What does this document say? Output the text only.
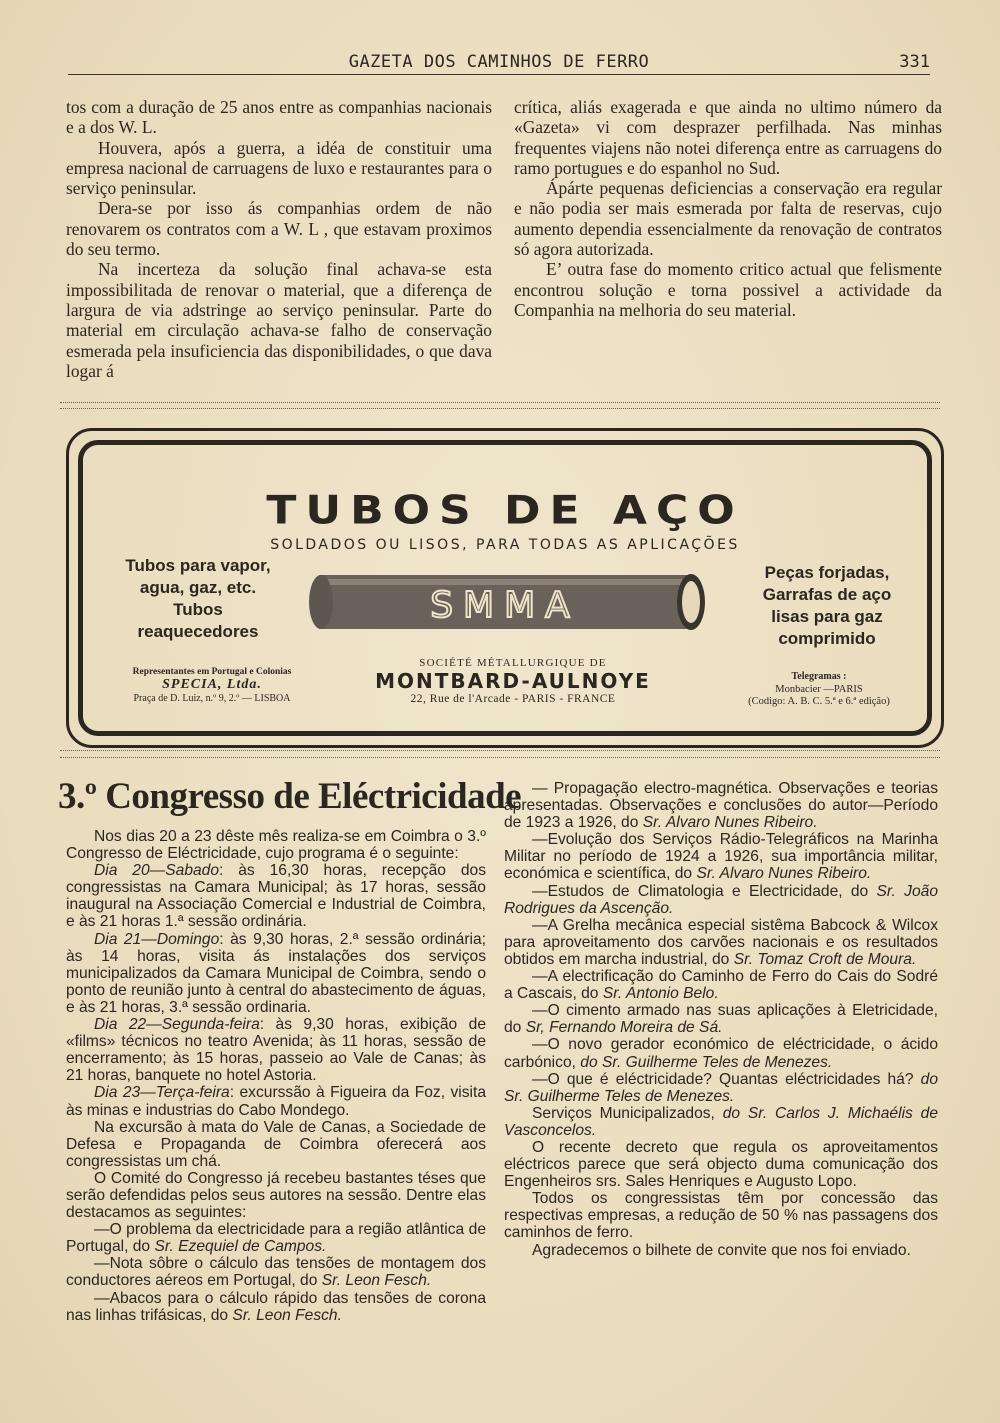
GAZETA DOS CAMINHOS DE FERRO	331

tos com a duração de 25 anos entre as companhias nacionais e a dos W. L.

Houvera, após a guerra, a idéa de constituir uma empresa nacional de carruagens de luxo e restaurantes para o serviço peninsular.

Dera-se por isso ás companhias ordem de não renovarem os contratos com a W. L , que estavam proximos do seu termo.

Na incerteza da solução final achava-se esta impossibilitada de renovar o material, que a diferença de largura de via adstringe ao serviço peninsular. Parte do material em circulação achava-se falho de conservação esmerada pela insuficiencia das disponibilidades, o que dava logar á

crítica, aliás exagerada e que ainda no ultimo número da «Gazeta» vi com desprazer perfilhada. Nas minhas frequentes viajens não notei diferença entre as carruagens do ramo portugues e do espanhol no Sud.

Ápárte pequenas deficiencias a conservação era regular e não podia ser mais esmerada por falta de reservas, cujo aumento dependia essencialmente da renovação de contratos só agora autorizada.

E’ outra fase do momento critico actual que felismente encontrou solução e torna possivel a actividade da Companhia na melhoria do seu material.

TUBOS DE AÇO
SOLDADOS OU LISOS, PARA TODAS AS APLICAÇÕES
Tubos para vapor,
agua, gaz, etc.
Tubos
reaquecedores
SMMA
Peças forjadas,
Garrafas de aço
lisas para gaz
comprimido
Representantes em Portugal e Colonias
SPECIA, Ltda.
Praça de D. Luiz, n.º 9, 2.º — LISBOA
SOCIÉTÉ MÉTALLURGIQUE DE
MONTBARD-AULNOYE
22, Rue de l'Arcade - PARIS - FRANCE
Telegramas :
Monbacier —PARIS
(Codigo: A. B. C. 5.ª e 6.ª edição)
3.º Congresso de Eléctricidade

Nos dias 20 a 23 dêste mês realiza-se em Coimbra o 3.º Congresso de Eléctricidade, cujo programa é o seguinte:

Dia 20—Sabado: às 16,30 horas, recepção dos congressistas na Camara Municipal; às 17 horas, sessão inaugural na Associação Comercial e Industrial de Coimbra, e às 21 horas 1.ª sessão ordinária.

Dia 21—Domingo: às 9,30 horas, 2.ª sessão ordinária; às 14 horas, visita ás instalações dos serviços municipalizados da Camara Municipal de Coimbra, sendo o ponto de reunião junto à central do abastecimento de águas, e às 21 horas, 3.ª sessão ordinaria.

Dia 22—Segunda-feira: às 9,30 horas, exibição de «films» técnicos no teatro Avenida; às 11 horas, sessão de encerramento; às 15 horas, passeio ao Vale de Canas; às 21 horas, banquete no hotel Astoria.

Dia 23—Terça-feira: excurssão à Figueira da Foz, visita às minas e industrias do Cabo Mondego.

Na excursão à mata do Vale de Canas, a Sociedade de Defesa e Propaganda de Coimbra oferecerá aos congressistas um chá.

O Comité do Congresso já recebeu bastantes téses que serão defendidas pelos seus autores na sessão. Dentre elas destacamos as seguintes:

—O problema da electricidade para a região atlântica de Portugal, do Sr. Ezequiel de Campos.

—Nota sôbre o cálculo das tensões de montagem dos conductores aéreos em Portugal, do Sr. Leon Fesch.

—Abacos para o cálculo rápido das tensões de corona nas linhas trifásicas, do Sr. Leon Fesch.

— Propagação electro-magnética. Observações e teorias apresentadas. Observações e conclusões do autor—Período de 1923 a 1926, do Sr. Alvaro Nunes Ribeiro.

—Evolução dos Serviços Rádio-Telegráficos na Marinha Militar no período de 1924 a 1926, sua importância militar, económica e scientífica, do Sr. Alvaro Nunes Ribeiro.

—Estudos de Climatologia e Electricidade, do Sr. João Rodrigues da Ascenção.

—A Grelha mecânica especial sistêma Babcock & Wilcox para aproveitamento dos carvões nacionais e os resultados obtidos em marcha industrial, do Sr. Tomaz Croft de Moura.

—A electrificação do Caminho de Ferro do Cais do Sodré a Cascais, do Sr. Antonio Belo.

—O cimento armado nas suas aplicações à Eletricidade, do Sr, Fernando Moreira de Sá.

—O novo gerador económico de eléctricidade, o ácido carbónico, do Sr. Guilherme Teles de Menezes.

—O que é eléctricidade? Quantas eléctricidades há? do Sr. Guilherme Teles de Menezes.

Serviços Municipalizados, do Sr. Carlos J. Michaélis de Vasconcelos.

O recente decreto que regula os aproveitamentos eléctricos parece que será objecto duma comunicação dos Engenheiros srs. Sales Henriques e Augusto Lopo.

Todos os congressistas têm por concessão das respectivas empresas, a redução de 50 % nas passagens dos caminhos de ferro.

Agradecemos o bilhete de convite que nos foi enviado.
